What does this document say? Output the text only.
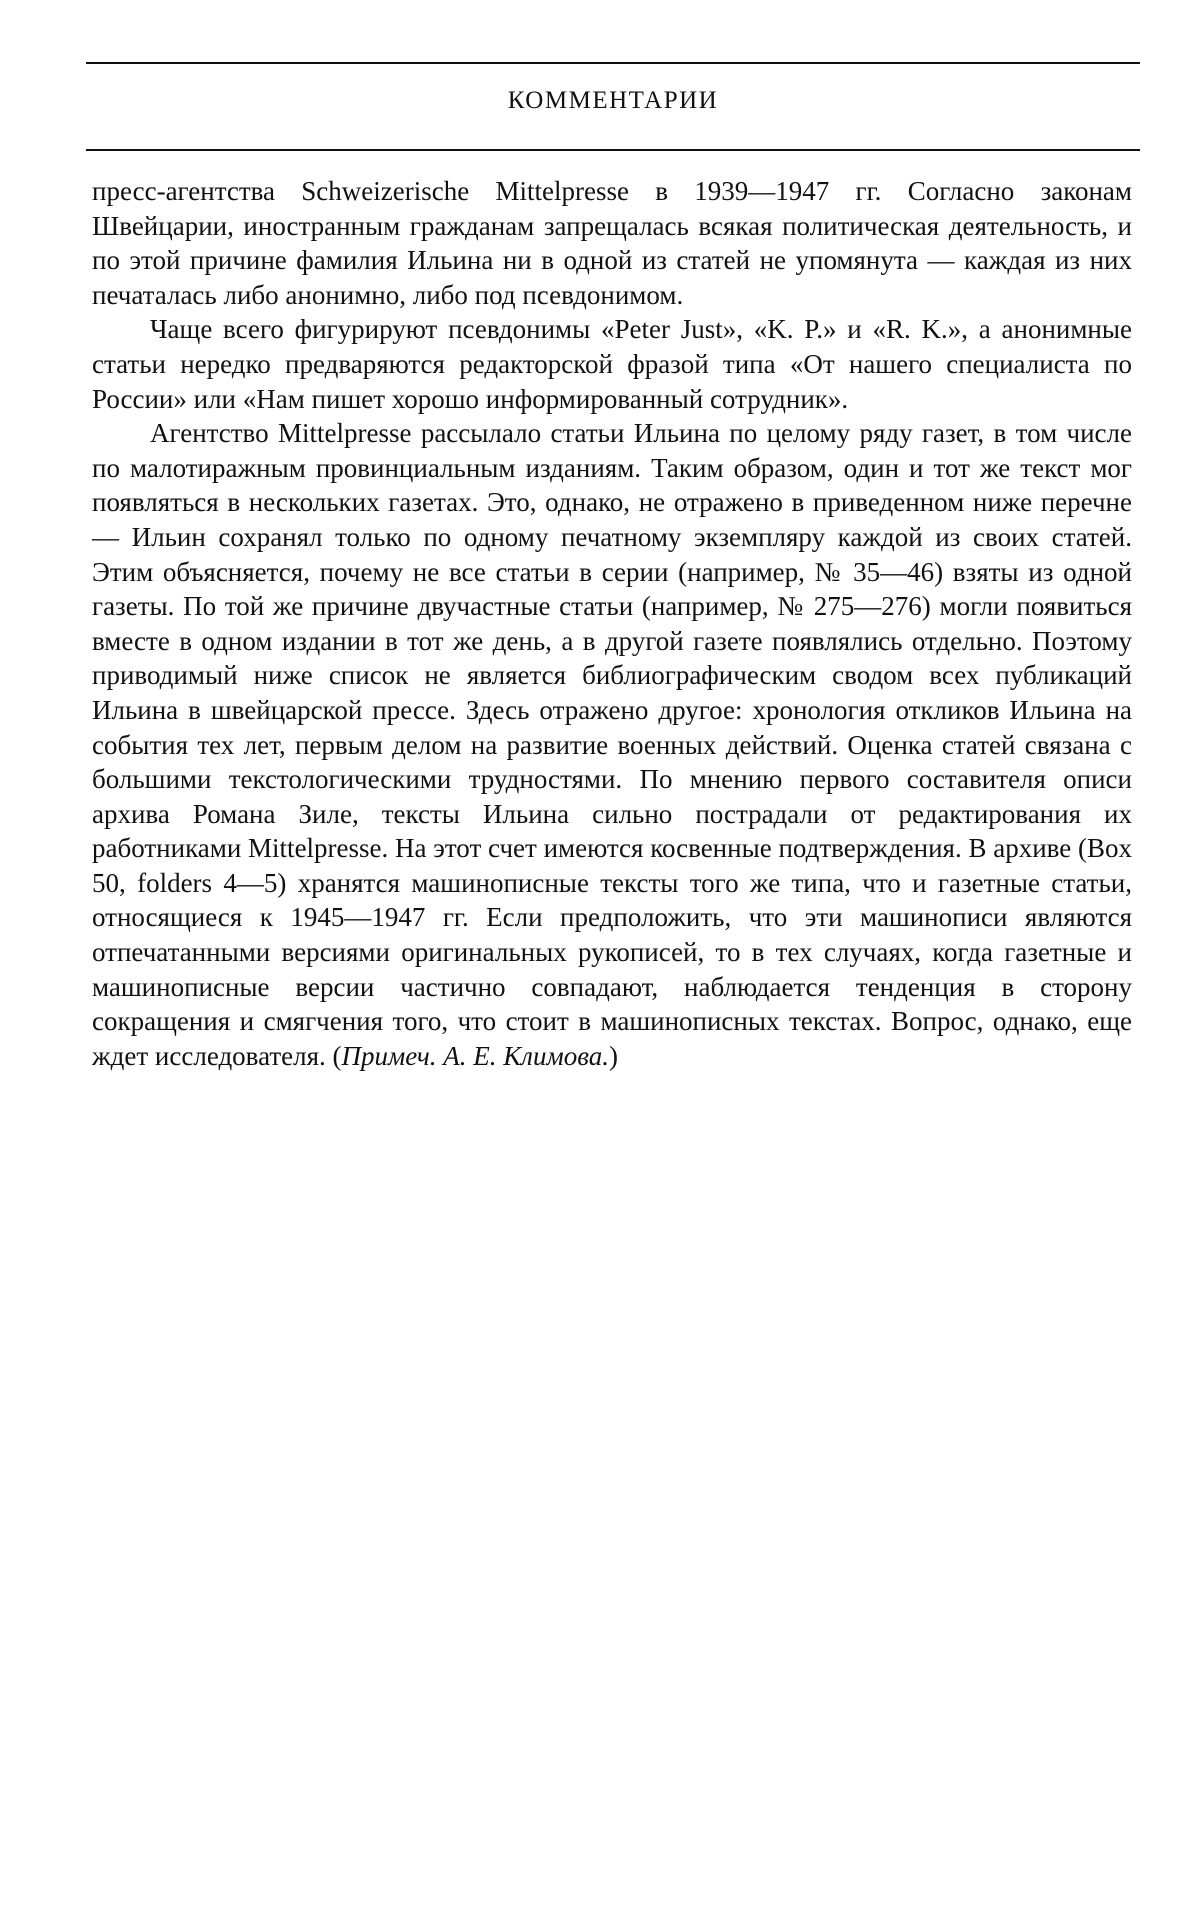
КОММЕНТАРИИ

пресс-агентства Schweizerische Mittelpresse в 1939—1947 гг. Согласно законам Швейцарии, иностранным гражданам запрещалась всякая политическая деятельность, и по этой причине фамилия Ильина ни в одной из статей не упомянута — каждая из них печаталась либо анонимно, либо под псевдонимом.

Чаще всего фигурируют псевдонимы «Peter Just», «K. P.» и «R. K.», а анонимные статьи нередко предваряются редакторской фразой типа «От нашего специалиста по России» или «Нам пишет хорошо информированный сотрудник».

Агентство Mittelpresse рассылало статьи Ильина по целому ряду газет, в том числе по малотиражным провинциальным изданиям. Таким образом, один и тот же текст мог появляться в нескольких газетах. Это, однако, не отражено в приведенном ниже перечне — Ильин сохранял только по одному печатному экземпляру каждой из своих статей. Этим объясняется, почему не все статьи в серии (например, № 35—46) взяты из одной газеты. По той же причине двучастные статьи (например, № 275—276) могли появиться вместе в одном издании в тот же день, а в другой газете появлялись отдельно. Поэтому приводимый ниже список не является библиографическим сводом всех публикаций Ильина в швейцарской прессе. Здесь отражено другое: хронология откликов Ильина на события тех лет, первым делом на развитие военных действий. Оценка статей связана с большими текстологическими трудностями. По мнению первого составителя описи архива Романа Зиле, тексты Ильина сильно пострадали от редактирования их работниками Mittelpresse. На этот счет имеются косвенные подтверждения. В архиве (Box 50, folders 4—5) хранятся машинописные тексты того же типа, что и газетные статьи, относящиеся к 1945—1947 гг. Если предположить, что эти машинописи являются отпечатанными версиями оригинальных рукописей, то в тех случаях, когда газетные и машинописные версии частично совпадают, наблюдается тенденция в сторону сокращения и смягчения того, что стоит в машинописных текстах. Вопрос, однако, еще ждет исследователя. (Примеч. А. Е. Климова.)
